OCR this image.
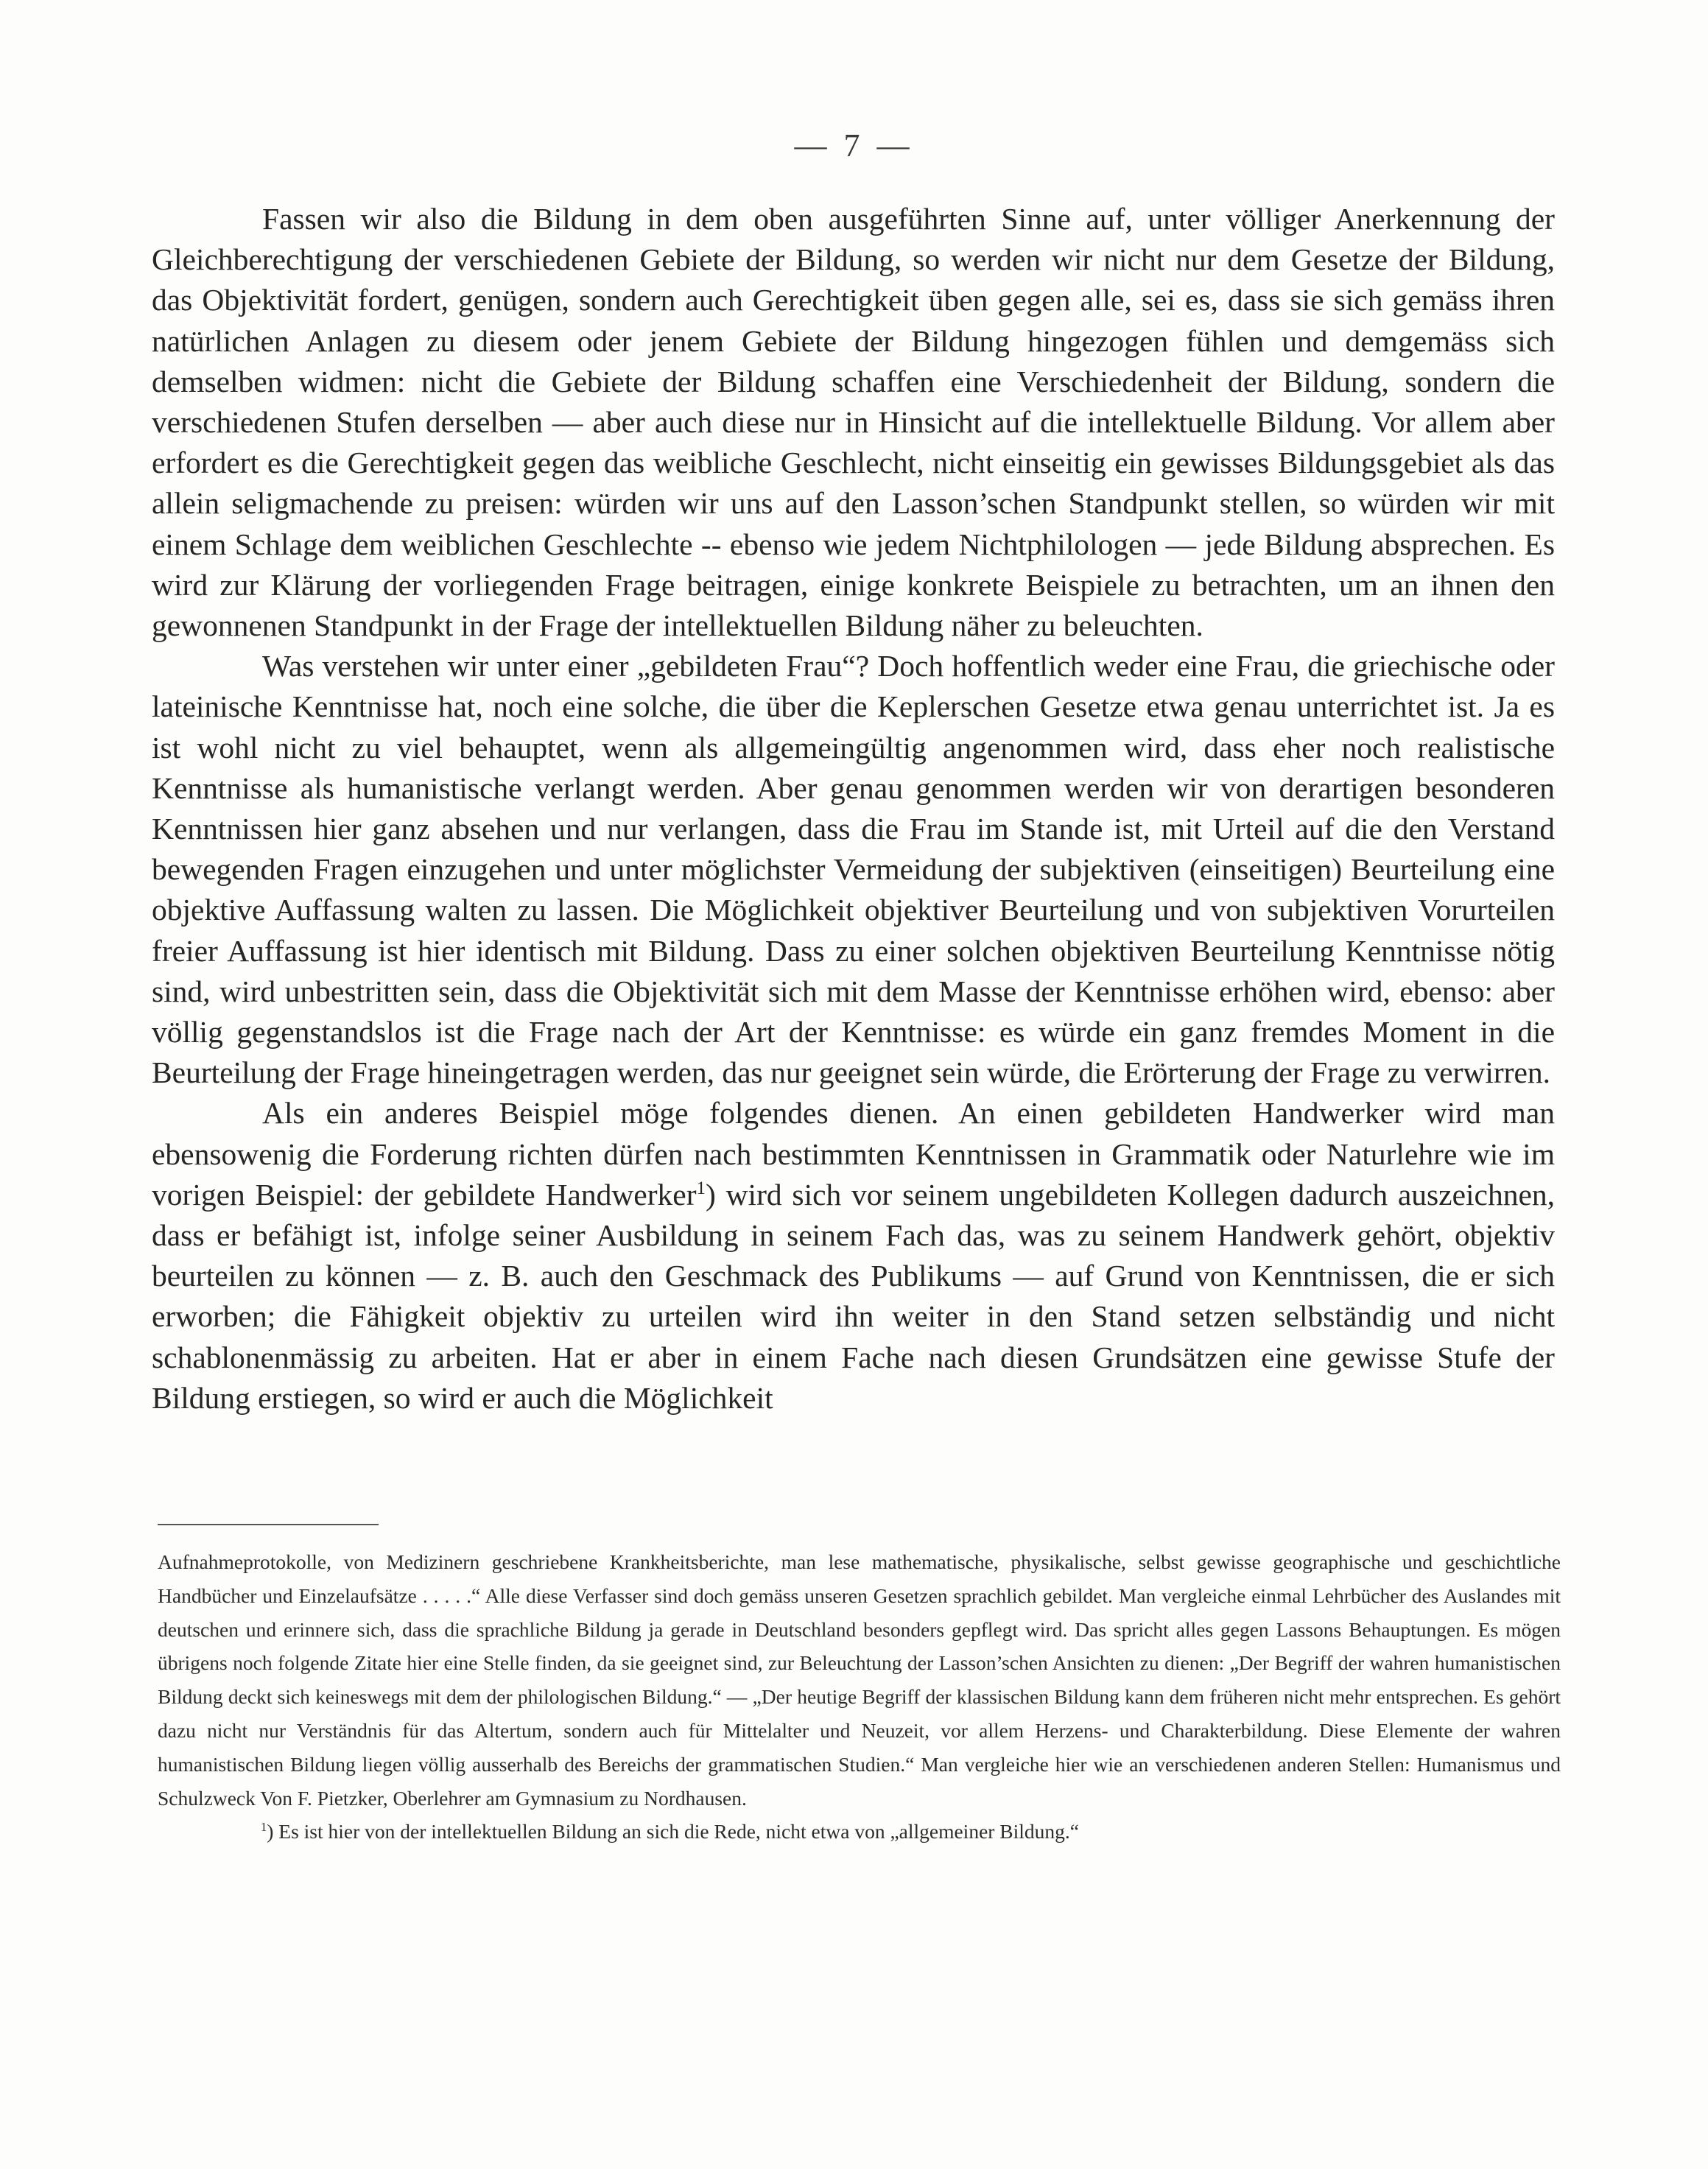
— 7 —

Fassen wir also die Bildung in dem oben ausgeführten Sinne auf, unter völliger Anerkennung der Gleichberechtigung der verschiedenen Gebiete der Bildung, so werden wir nicht nur dem Gesetze der Bildung, das Objektivität fordert, genügen, sondern auch Gerechtigkeit üben gegen alle, sei es, dass sie sich gemäss ihren natürlichen Anlagen zu diesem oder jenem Gebiete der Bildung hingezogen fühlen und demgemäss sich demselben widmen: nicht die Gebiete der Bildung schaffen eine Verschiedenheit der Bildung, sondern die verschiedenen Stufen derselben — aber auch diese nur in Hinsicht auf die intellektuelle Bildung. Vor allem aber erfordert es die Gerechtigkeit gegen das weibliche Geschlecht, nicht einseitig ein gewisses Bildungsgebiet als das allein seligmachende zu preisen: würden wir uns auf den Lasson’schen Standpunkt stellen, so würden wir mit einem Schlage dem weiblichen Geschlechte -- ebenso wie jedem Nichtphilologen — jede Bildung absprechen. Es wird zur Klärung der vorliegenden Frage beitragen, einige konkrete Beispiele zu betrachten, um an ihnen den gewonnenen Standpunkt in der Frage der intellektuellen Bildung näher zu beleuchten.

Was verstehen wir unter einer „gebildeten Frau“? Doch hoffentlich weder eine Frau, die griechische oder lateinische Kenntnisse hat, noch eine solche, die über die Keplerschen Gesetze etwa genau unterrichtet ist. Ja es ist wohl nicht zu viel behauptet, wenn als allgemeingültig angenommen wird, dass eher noch realistische Kenntnisse als humanistische verlangt werden. Aber genau genommen werden wir von derartigen besonderen Kenntnissen hier ganz absehen und nur verlangen, dass die Frau im Stande ist, mit Urteil auf die den Verstand bewegenden Fragen einzugehen und unter möglichster Vermeidung der subjektiven (einseitigen) Beurteilung eine objektive Auffassung walten zu lassen. Die Möglichkeit objektiver Beurteilung und von subjektiven Vorurteilen freier Auffassung ist hier identisch mit Bildung. Dass zu einer solchen objektiven Beurteilung Kenntnisse nötig sind, wird unbestritten sein, dass die Objektivität sich mit dem Masse der Kenntnisse erhöhen wird, ebenso: aber völlig gegenstandslos ist die Frage nach der Art der Kenntnisse: es würde ein ganz fremdes Moment in die Beurteilung der Frage hineingetragen werden, das nur geeignet sein würde, die Erörterung der Frage zu verwirren.

Als ein anderes Beispiel möge folgendes dienen. An einen gebildeten Handwerker wird man ebensowenig die Forderung richten dürfen nach bestimmten Kenntnissen in Grammatik oder Naturlehre wie im vorigen Beispiel: der gebildete Handwerker$^1$) wird sich vor seinem ungebildeten Kollegen dadurch auszeichnen, dass er befähigt ist, infolge seiner Ausbildung in seinem Fach das, was zu seinem Handwerk gehört, objektiv beurteilen zu können — z. B. auch den Geschmack des Publikums — auf Grund von Kenntnissen, die er sich erworben; die Fähigkeit objektiv zu urteilen wird ihn weiter in den Stand setzen selbständig und nicht schablonenmässig zu arbeiten. Hat er aber in einem Fache nach diesen Grundsätzen eine gewisse Stufe der Bildung erstiegen, so wird er auch die Möglichkeit

Aufnahmeprotokolle, von Medizinern geschriebene Krankheitsberichte, man lese mathematische, physikalische, selbst gewisse geographische und geschichtliche Handbücher und Einzelaufsätze . . . . .“ Alle diese Verfasser sind doch gemäss unseren Gesetzen sprachlich gebildet. Man vergleiche einmal Lehrbücher des Auslandes mit deutschen und erinnere sich, dass die sprachliche Bildung ja gerade in Deutschland besonders gepflegt wird. Das spricht alles gegen Lassons Behauptungen. Es mögen übrigens noch folgende Zitate hier eine Stelle finden, da sie geeignet sind, zur Beleuchtung der Lasson’schen Ansichten zu dienen: „Der Begriff der wahren humanistischen Bildung deckt sich keineswegs mit dem der philologischen Bildung.“ — „Der heutige Begriff der klassischen Bildung kann dem früheren nicht mehr entsprechen. Es gehört dazu nicht nur Verständnis für das Altertum, sondern auch für Mittelalter und Neuzeit, vor allem Herzens- und Charakterbildung. Diese Elemente der wahren humanistischen Bildung liegen völlig ausserhalb des Bereichs der grammatischen Studien.“ Man vergleiche hier wie an verschiedenen anderen Stellen: Humanismus und Schulzweck Von F. Pietzker, Oberlehrer am Gymnasium zu Nordhausen.

$^1$) Es ist hier von der intellektuellen Bildung an sich die Rede, nicht etwa von „allgemeiner Bildung.“
